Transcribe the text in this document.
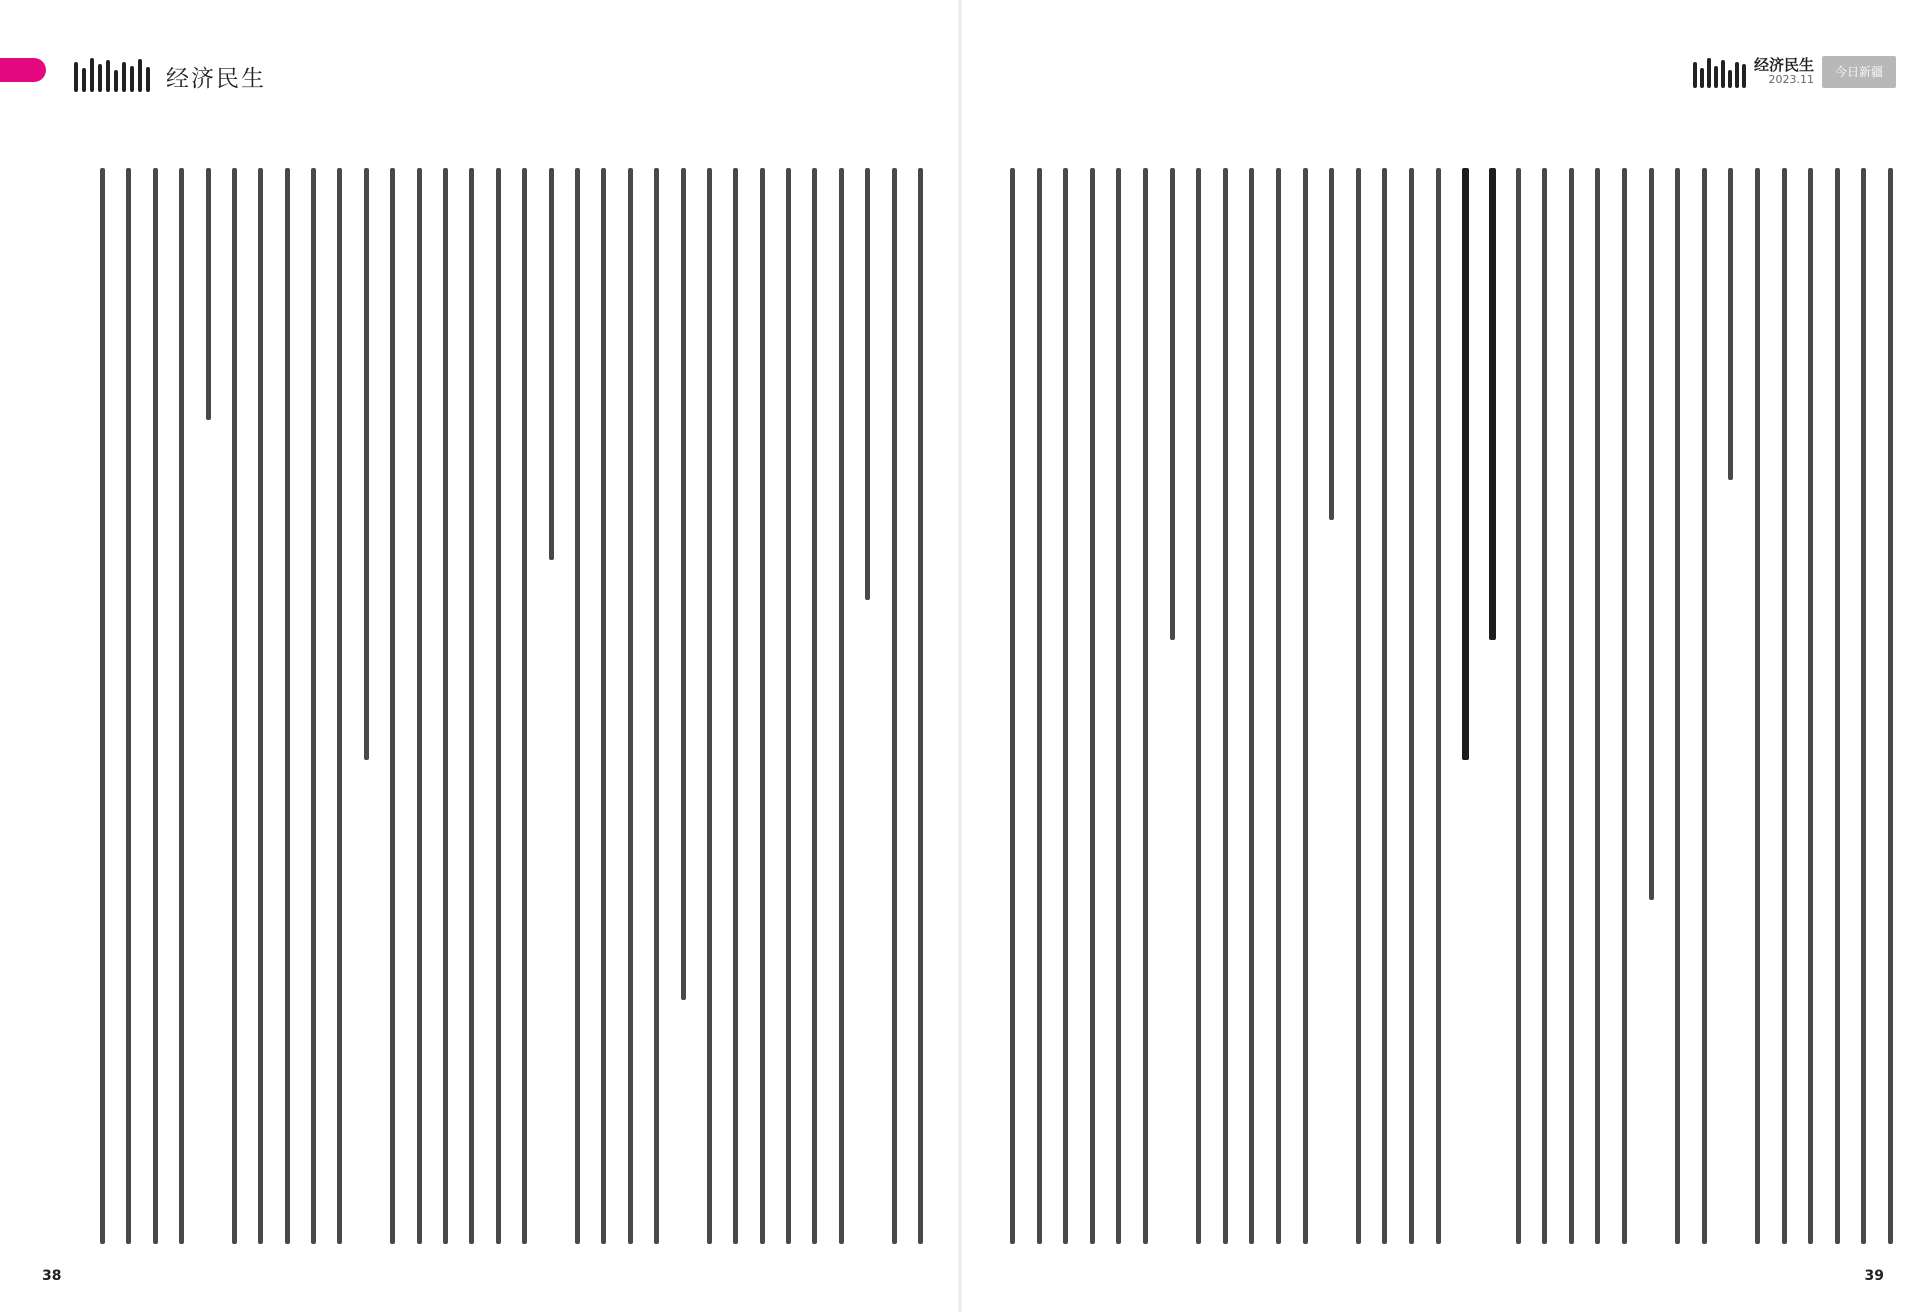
经济民生
经济民生
2023.11
今日新疆
38	39
